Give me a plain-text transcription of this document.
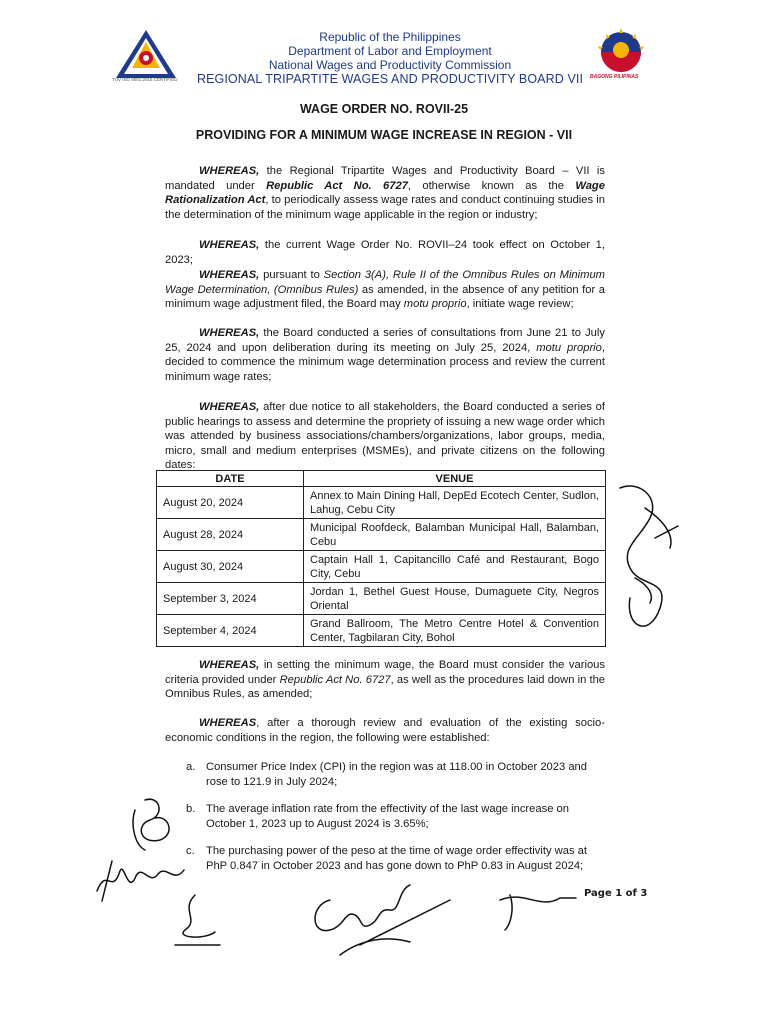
TUV ISO 9001:2015 CERTIFIED
Republic of the Philippines
Department of Labor and Employment
National Wages and Productivity Commission
REGIONAL TRIPARTITE WAGES AND PRODUCTIVITY BOARD VII	BAGONG PILIPINAS
WAGE ORDER NO. ROVII-25
PROVIDING FOR A MINIMUM WAGE INCREASE IN REGION - VII
WHEREAS, the Regional Tripartite Wages and Productivity Board – VII is mandated under Republic Act No. 6727, otherwise known as the Wage Rationalization Act, to periodically assess wage rates and conduct continuing studies in the determination of the minimum wage applicable in the region or industry;
WHEREAS, the current Wage Order No. ROVII–24 took effect on October 1, 2023;
WHEREAS, pursuant to Section 3(A), Rule II of the Omnibus Rules on Minimum Wage Determination, (Omnibus Rules) as amended, in the absence of any petition for a minimum wage adjustment filed, the Board may motu proprio, initiate wage review;
WHEREAS, the Board conducted a series of consultations from June 21 to July 25, 2024 and upon deliberation during its meeting on July 25, 2024, motu proprio, decided to commence the minimum wage determination process and review the current minimum wage rates;
WHEREAS, after due notice to all stakeholders, the Board conducted a series of public hearings to assess and determine the propriety of issuing a new wage order which was attended by business associations/chambers/organizations, labor groups, media, micro, small and medium enterprises (MSMEs), and private citizens on the following dates:
DATE	VENUE
August 20, 2024	Annex to Main Dining Hall, DepEd Ecotech Center, Sudlon, Lahug, Cebu City
August 28, 2024	Municipal Roofdeck, Balamban Municipal Hall, Balamban, Cebu
August 30, 2024	Captain Hall 1, Capitancillo Café and Restaurant, Bogo City, Cebu
September 3, 2024	Jordan 1, Bethel Guest House, Dumaguete City, Negros Oriental
September 4, 2024	Grand Ballroom, The Metro Centre Hotel & Convention Center, Tagbilaran City, Bohol
WHEREAS, in setting the minimum wage, the Board must consider the various criteria provided under Republic Act No. 6727, as well as the procedures laid down in the Omnibus Rules, as amended;
WHEREAS, after a thorough review and evaluation of the existing socio-economic conditions in the region, the following were established:
a. Consumer Price Index (CPI) in the region was at 118.00 in October 2023 and rose to 121.9 in July 2024;
b. The average inflation rate from the effectivity of the last wage increase on October 1, 2023 up to August 2024 is 3.65%;
c. The purchasing power of the peso at the time of wage order effectivity was at PhP 0.847 in October 2023 and has gone down to PhP 0.83 in August 2024;
Page 1 of 3
